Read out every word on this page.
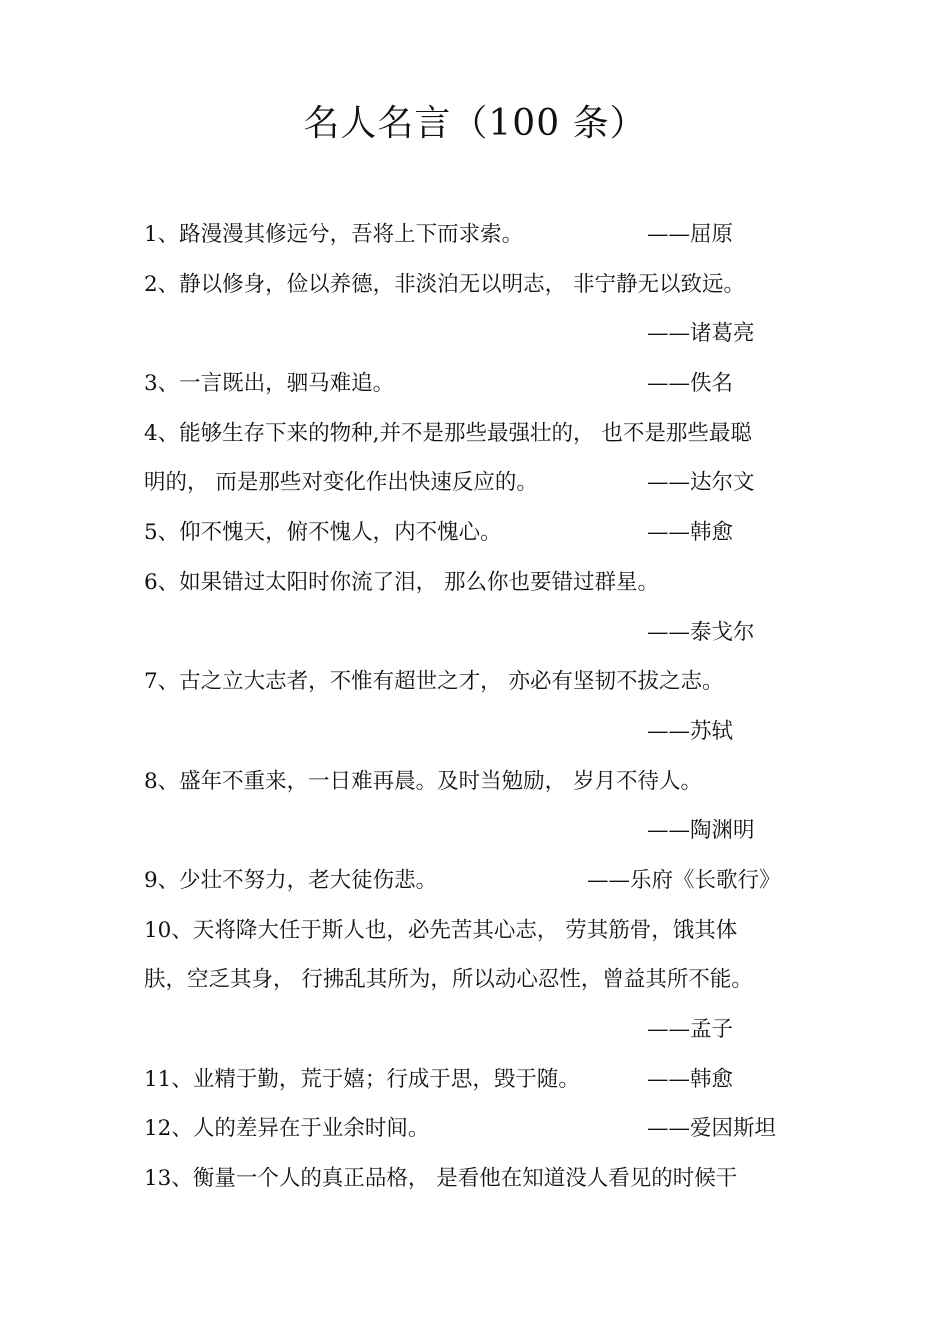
名人名言（100 条）
1、路漫漫其修远兮，吾将上下而求索。	——屈原
2、静以修身，俭以养德，非淡泊无以明志， 非宁静无以致远。
——诸葛亮
3、一言既出，驷马难追。	——佚名
4、能够生存下来的物种,并不是那些最强壮的， 也不是那些最聪
明的， 而是那些对变化作出快速反应的。	——达尔文
5、仰不愧天，俯不愧人，内不愧心。	——韩愈
6、如果错过太阳时你流了泪， 那么你也要错过群星。
——泰戈尔
7、古之立大志者，不惟有超世之才， 亦必有坚韧不拔之志。
——苏轼
8、盛年不重来，一日难再晨。及时当勉励， 岁月不待人。
——陶渊明
9、少壮不努力，老大徒伤悲。	——乐府《长歌行》
10、天将降大任于斯人也，必先苦其心志， 劳其筋骨，饿其体
肤，空乏其身， 行拂乱其所为，所以动心忍性，曾益其所不能。
——孟子
11、业精于勤，荒于嬉；行成于思，毁于随。	——韩愈
12、人的差异在于业余时间。	——爱因斯坦
13、衡量一个人的真正品格， 是看他在知道没人看见的时候干
